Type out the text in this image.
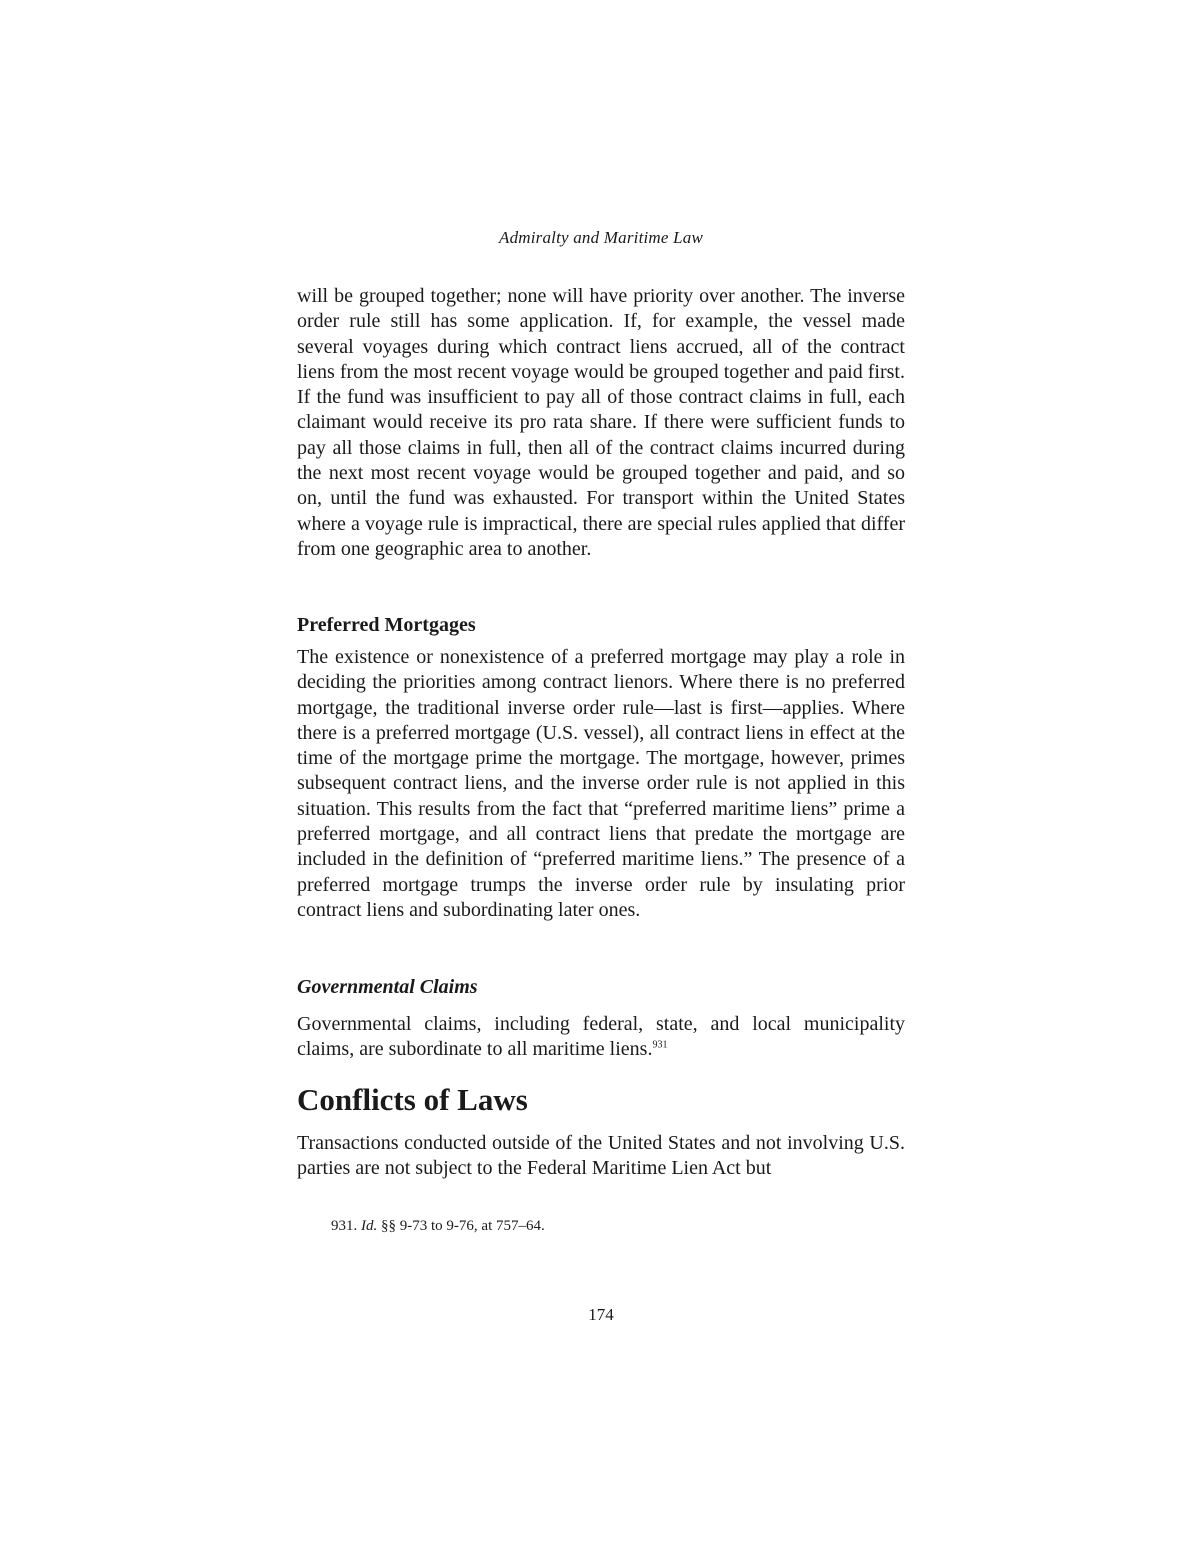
Admiralty and Maritime Law

will be grouped together; none will have priority over another. The inverse order rule still has some application. If, for example, the vessel made several voyages during which contract liens accrued, all of the contract liens from the most recent voyage would be grouped together and paid first. If the fund was insufficient to pay all of those contract claims in full, each claimant would receive its pro rata share. If there were sufficient funds to pay all those claims in full, then all of the contract claims incurred during the next most recent voyage would be grouped together and paid, and so on, until the fund was exhausted. For transport within the United States where a voyage rule is impractical, there are special rules applied that differ from one geographic area to another.

Preferred Mortgages

The existence or nonexistence of a preferred mortgage may play a role in deciding the priorities among contract lienors. Where there is no preferred mortgage, the traditional inverse order rule—last is first—applies. Where there is a preferred mortgage (U.S. vessel), all contract liens in effect at the time of the mortgage prime the mortgage. The mortgage, however, primes subsequent contract liens, and the inverse order rule is not applied in this situation. This results from the fact that “preferred maritime liens” prime a preferred mortgage, and all contract liens that predate the mortgage are included in the definition of “preferred maritime liens.” The presence of a preferred mortgage trumps the inverse order rule by insulating prior contract liens and subordinating later ones.

Governmental Claims

Governmental claims, including federal, state, and local municipality claims, are subordinate to all maritime liens.$^{931}$

Conflicts of Laws

Transactions conducted outside of the United States and not involving U.S. parties are not subject to the Federal Maritime Lien Act but

931. Id. §§ 9-73 to 9-76, at 757–64.
174
